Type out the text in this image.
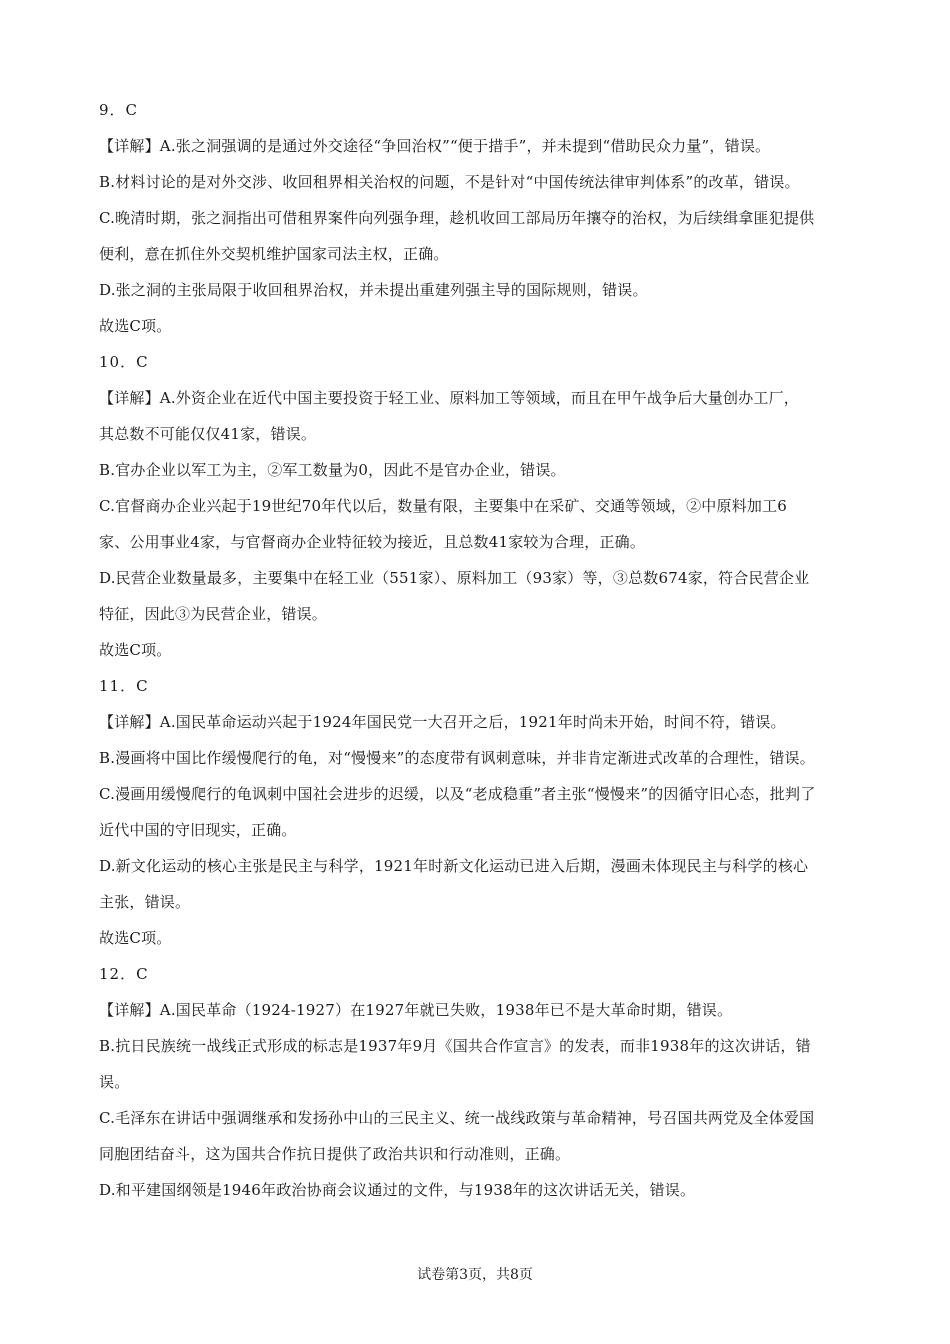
9．C
【详解】A.张之洞强调的是通过外交途径“争回治权”“便于措手”，并未提到“借助民众力量”，错误。
B.材料讨论的是对外交涉、收回租界相关治权的问题，不是针对“中国传统法律审判体系”的改革，错误。
C.晚清时期，张之洞指出可借租界案件向列强争理，趁机收回工部局历年攘夺的治权，为后续缉拿匪犯提供
便利，意在抓住外交契机维护国家司法主权，正确。
D.张之洞的主张局限于收回租界治权，并未提出重建列强主导的国际规则，错误。
故选C项。
10．C
【详解】A.外资企业在近代中国主要投资于轻工业、原料加工等领域，而且在甲午战争后大量创办工厂，
其总数不可能仅仅41家，错误。
B.官办企业以军工为主，②军工数量为0，因此不是官办企业，错误。
C.官督商办企业兴起于19世纪70年代以后，数量有限，主要集中在采矿、交通等领域，②中原料加工6
家、公用事业4家，与官督商办企业特征较为接近，且总数41家较为合理，正确。
D.民营企业数量最多，主要集中在轻工业（551家）、原料加工（93家）等，③总数674家，符合民营企业
特征，因此③为民营企业，错误。
故选C项。
11．C
【详解】A.国民革命运动兴起于1924年国民党一大召开之后，1921年时尚未开始，时间不符，错误。
B.漫画将中国比作缓慢爬行的龟，对“慢慢来”的态度带有讽刺意味，并非肯定渐进式改革的合理性，错误。
C.漫画用缓慢爬行的龟讽刺中国社会进步的迟缓，以及“老成稳重”者主张“慢慢来”的因循守旧心态，批判了
近代中国的守旧现实，正确。
D.新文化运动的核心主张是民主与科学，1921年时新文化运动已进入后期，漫画未体现民主与科学的核心
主张，错误。
故选C项。
12．C
【详解】A.国民革命（1924-1927）在1927年就已失败，1938年已不是大革命时期，错误。
B.抗日民族统一战线正式形成的标志是1937年9月《国共合作宣言》的发表，而非1938年的这次讲话，错
误。
C.毛泽东在讲话中强调继承和发扬孙中山的三民主义、统一战线政策与革命精神，号召国共两党及全体爱国
同胞团结奋斗，这为国共合作抗日提供了政治共识和行动准则，正确。
D.和平建国纲领是1946年政治协商会议通过的文件，与1938年的这次讲话无关，错误。
试卷第3页，共8页
